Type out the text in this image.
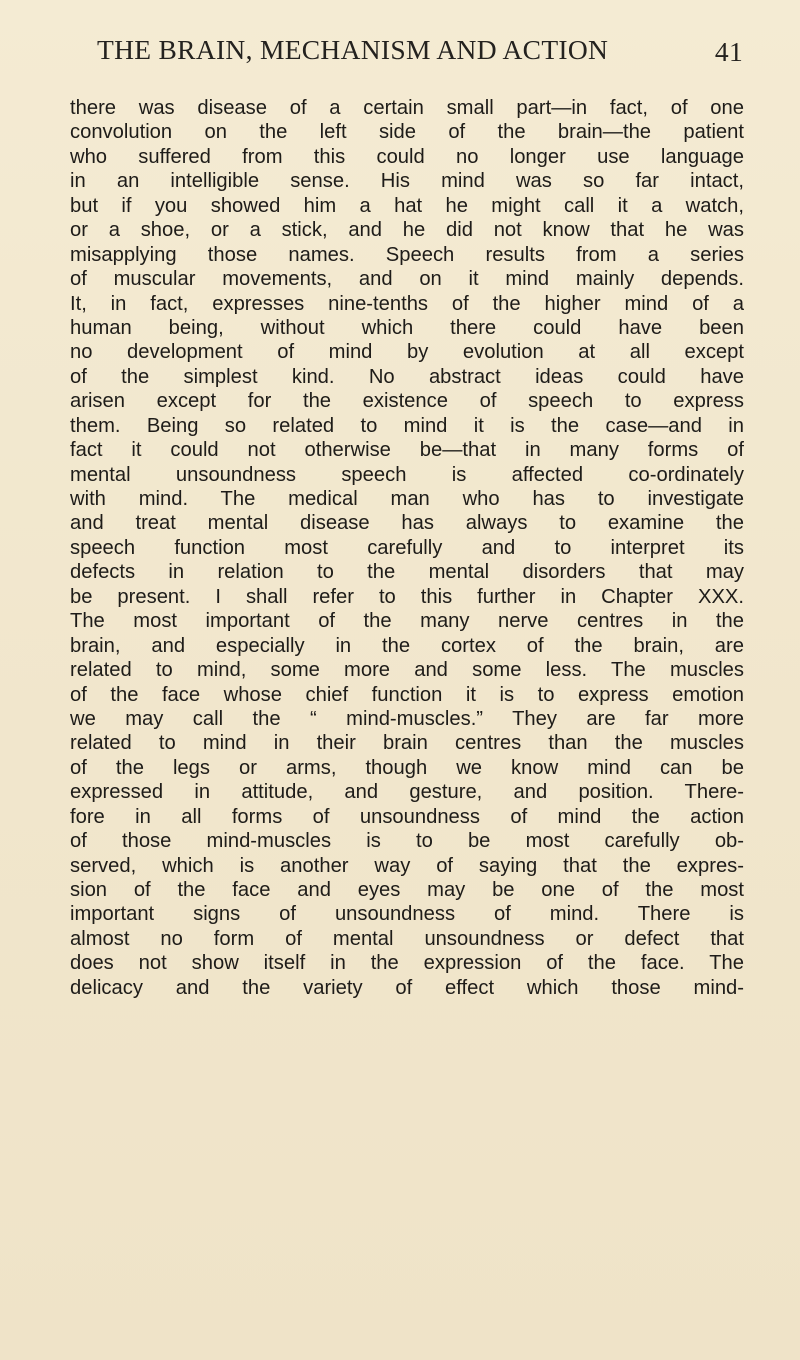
THE BRAIN, MECHANISM AND ACTION	41
there was disease of a certain small part—in fact, of one
convolution on the left side of the brain—the patient
who suffered from this could no longer use language
in an intelligible sense. His mind was so far intact,
but if you showed him a hat he might call it a watch,
or a shoe, or a stick, and he did not know that he was
misapplying those names. Speech results from a series
of muscular movements, and on it mind mainly depends.
It, in fact, expresses nine-tenths of the higher mind of a
human being, without which there could have been
no development of mind by evolution at all except
of the simplest kind. No abstract ideas could have
arisen except for the existence of speech to express
them. Being so related to mind it is the case—and in
fact it could not otherwise be—that in many forms of
mental unsoundness speech is affected co-ordinately
with mind. The medical man who has to investigate
and treat mental disease has always to examine the
speech function most carefully and to interpret its
defects in relation to the mental disorders that may
be present. I shall refer to this further in Chapter XXX.
The most important of the many nerve centres in the
brain, and especially in the cortex of the brain, are
related to mind, some more and some less. The muscles
of the face whose chief function it is to express emotion
we may call the “ mind-muscles.” They are far more
related to mind in their brain centres than the muscles
of the legs or arms, though we know mind can be
expressed in attitude, and gesture, and position. There-
fore in all forms of unsoundness of mind the action
of those mind-muscles is to be most carefully ob-
served, which is another way of saying that the expres-
sion of the face and eyes may be one of the most
important signs of unsoundness of mind. There is
almost no form of mental unsoundness or defect that
does not show itself in the expression of the face. The
delicacy and the variety of effect which those mind-
